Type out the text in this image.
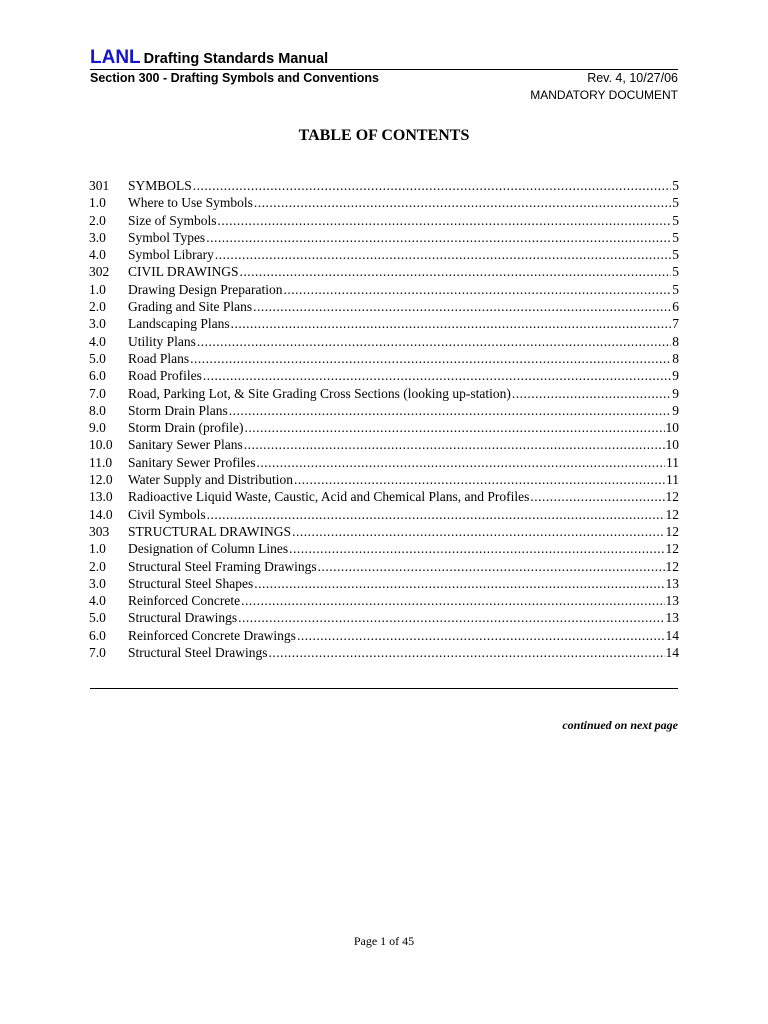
LANL Drafting Standards Manual
Section 300 - Drafting Symbols and Conventions	Rev. 4, 10/27/06
MANDATORY DOCUMENT
TABLE OF CONTENTS
301	SYMBOLS .....	5
1.0	Where to Use Symbols .....	5
2.0	Size of Symbols .....	5
3.0	Symbol Types .....	5
4.0	Symbol Library .....	5
302	CIVIL DRAWINGS .....	5
1.0	Drawing Design Preparation .....	5
2.0	Grading and Site Plans .....	6
3.0	Landscaping Plans .....	7
4.0	Utility Plans .....	8
5.0	Road Plans .....	8
6.0	Road Profiles .....	9
7.0	Road, Parking Lot, & Site Grading Cross Sections (looking up-station) .....	9
8.0	Storm Drain Plans .....	9
9.0	Storm Drain (profile) .....	10
10.0	Sanitary Sewer Plans .....	10
11.0	Sanitary Sewer Profiles .....	11
12.0	Water Supply and Distribution .....	11
13.0	Radioactive Liquid Waste, Caustic, Acid and Chemical Plans, and Profiles .....	12
14.0	Civil Symbols .....	12
303	STRUCTURAL DRAWINGS .....	12
1.0	Designation of Column Lines .....	12
2.0	Structural Steel Framing Drawings .....	12
3.0	Structural Steel Shapes .....	13
4.0	Reinforced Concrete .....	13
5.0	Structural Drawings .....	13
6.0	Reinforced Concrete Drawings .....	14
7.0	Structural Steel Drawings .....	14
continued on next page
Page 1 of 45
